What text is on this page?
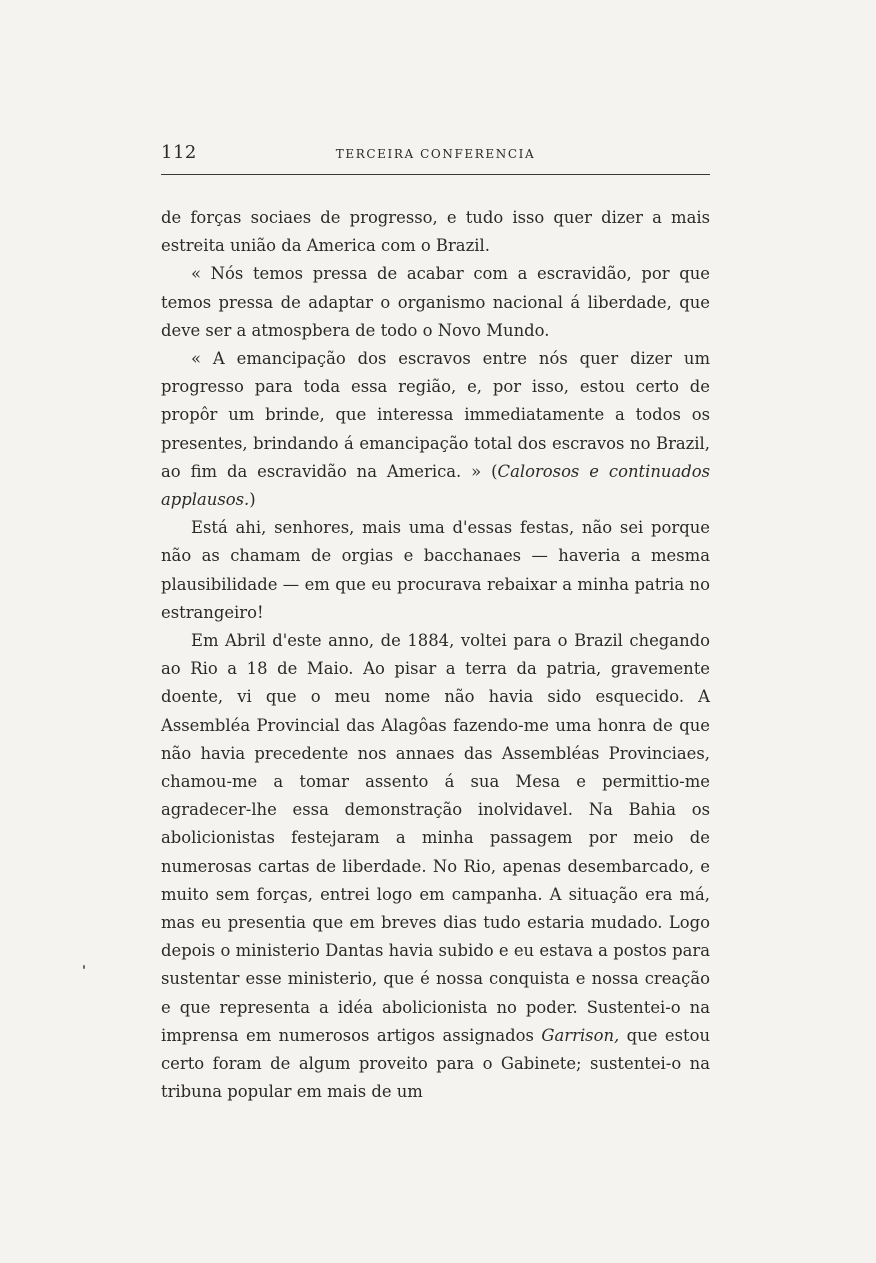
112	TERCEIRA CONFERENCIA

de forças sociaes de progresso, e tudo isso quer dizer a mais estreita união da America com o Brazil.

« Nós temos pressa de acabar com a escravidão, por que temos pressa de adaptar o organismo nacional á liberdade, que deve ser a atmospbera de todo o Novo Mundo.

« A emancipação dos escravos entre nós quer dizer um progresso para toda essa região, e, por isso, estou certo de propôr um brinde, que interessa immediatamente a todos os presentes, brindando á emancipação total dos escravos no Brazil, ao fim da escravidão na America. » (Calorosos e continuados applausos.)

Está ahi, senhores, mais uma d'essas festas, não sei porque não as chamam de orgias e bacchanaes — haveria a mesma plausibilidade — em que eu procurava rebaixar a minha patria no estrangeiro!

Em Abril d'este anno, de 1884, voltei para o Brazil chegando ao Rio a 18 de Maio. Ao pisar a terra da patria, gravemente doente, vi que o meu nome não havia sido esquecido. A Assembléa Provincial das Alagôas fazendo-me uma honra de que não havia precedente nos annaes das Assembléas Provinciaes, chamou-me a tomar assento á sua Mesa e permittio-me agradecer-lhe essa demonstração inolvidavel. Na Bahia os abolicionistas festejaram a minha passagem por meio de numerosas cartas de liberdade. No Rio, apenas desembarcado, e muito sem forças, entrei logo em campanha. A situação era má, mas eu presentia que em breves dias tudo estaria mudado. Logo depois o ministerio Dantas havia subido e eu estava a postos para sustentar esse ministerio, que é nossa conquista e nossa creação e que representa a idéa abolicionista no poder. Sustentei-o na imprensa em numerosos artigos assignados Garrison, que estou certo foram de algum proveito para o Gabinete; sustentei-o na tribuna popular em mais de um
